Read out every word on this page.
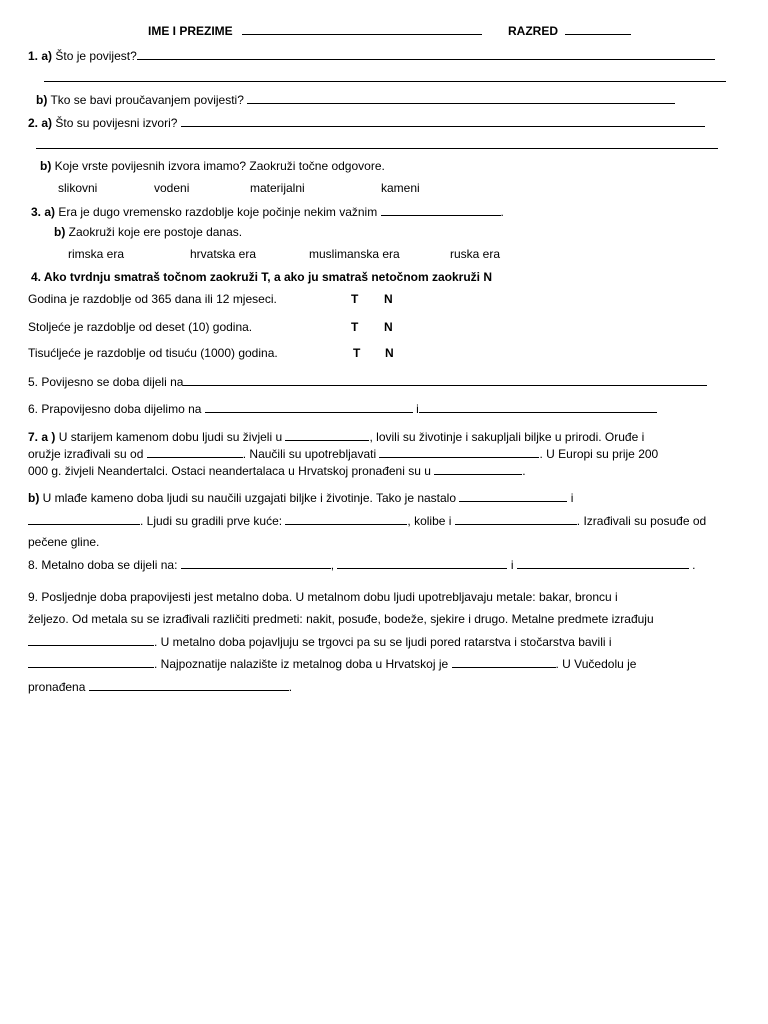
IME I PREZIME	RAZRED
1. a) Što je povijest?
b) Tko se bavi proučavanjem povijesti?
2. a) Što su povijesni izvori?
b) Koje vrste povijesnih izvora imamo? Zaokruži točne odgovore.
slikovni	vodeni	materijalni	kameni
3. a) Era je dugo vremensko razdoblje koje počinje nekim važnim	.
b) Zaokruži koje ere postoje danas.
rimska era	hrvatska era	muslimanska era	ruska era
4. Ako tvrdnju smatraš točnom zaokruži T, a ako ju smatraš netočnom zaokruži N
Godina je razdoblje od 365 dana ili 12 mjeseci.	T N
Stoljeće je razdoblje od deset (10) godina.	T N
Tisućljeće je razdoblje od tisuću (1000) godina.	T N
5. Povijesno se doba dijeli na
6. Prapovijesno doba dijelimo na	i
7. a ) U starijem kamenom dobu ljudi su živjeli u	, lovili su životinje i sakupljali biljke u prirodi. Oruđe i
oružje izrađivali su od	. Naučili su upotrebljavati	. U Europi su prije 200
000 g. živjeli Neandertalci. Ostaci neandertalaca u Hrvatskoj pronađeni su u	.
b) U mlađe kameno doba ljudi su naučili uzgajati biljke i životinje. Tako je nastalo	i
. Ljudi su gradili prve kuće:	, kolibe i	. Izrađivali su posuđe od
pečene gline.
8. Metalno doba se dijeli na:	,	i	.
9. Posljednje doba prapovijesti jest metalno doba. U metalnom dobu ljudi upotrebljavaju metale: bakar, broncu i
željezo. Od metala su se izrađivali različiti predmeti: nakit, posuđe, bodeže, sjekire i drugo. Metalne predmete izrađuju
. U metalno doba pojavljuju se trgovci pa su se ljudi pored ratarstva i stočarstva bavili i
. Najpoznatije nalazište iz metalnog doba u Hrvatskoj je	. U Vučedolu je
pronađena	.
